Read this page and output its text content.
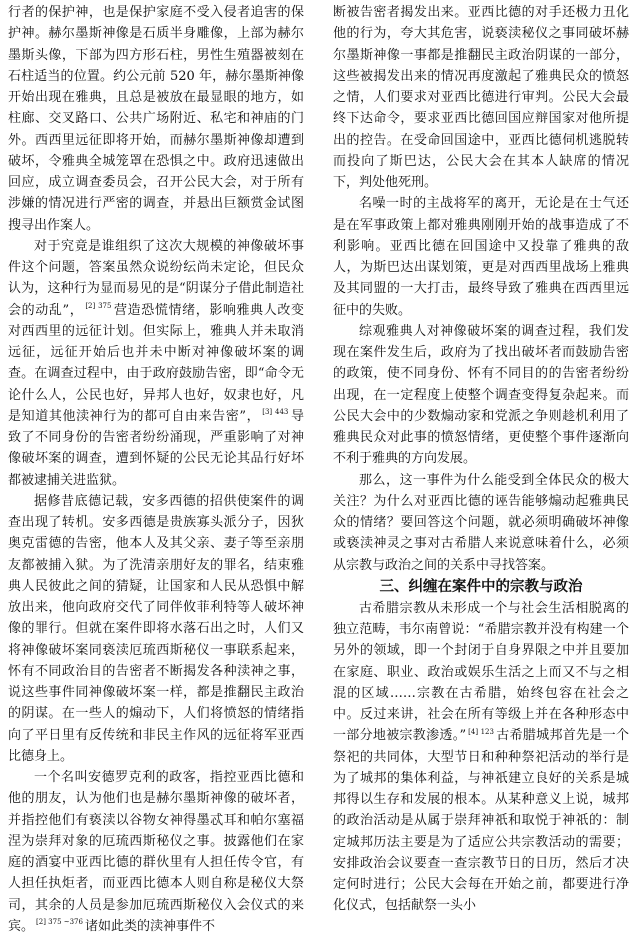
行者的保护神，也是保护家庭不受入侵者追害的保护神。赫尔墨斯神像是石质半身雕像，上部为赫尔墨斯头像，下部为四方形石柱，男性生殖器被刻在石柱适当的位置。约公元前 520 年，赫尔墨斯神像开始出现在雅典，且总是被放在最显眼的地方，如柱廊、交叉路口、公共广场附近、私宅和神庙的门外。西西里远征即将开始，而赫尔墨斯神像却遭到破坏，令雅典全城笼罩在恐惧之中。政府迅速做出回应，成立调查委员会，召开公民大会，对于所有涉嫌的情况进行严密的调查，并悬出巨额赏金试图搜寻出作案人。

对于究竟是谁组织了这次大规模的神像破坏事件这个问题，答案虽然众说纷纭尚未定论，但民众认为，这种行为显而易见的是“阴谋分子借此制造社会的动乱”， $^{[2] 375}$ 营造恐慌情绪，影响雅典人改变对西西里的远征计划。但实际上，雅典人并未取消远征，远征开始后也并未中断对神像破坏案的调查。在调查过程中，由于政府鼓励告密，即“命令无论什么人，公民也好，异邦人也好，奴隶也好，凡是知道其他渎神行为的都可自由来告密”， $^{[3] 443}$ 导致了不同身份的告密者纷纷涌现，严重影响了对神像破坏案的调查，遭到怀疑的公民无论其品行好坏都被逮捕关进监狱。

据修昔底德记载，安多西德的招供使案件的调查出现了转机。安多西德是贵族寡头派分子，因狄奥克雷德的告密，他本人及其父亲、妻子等至亲朋友都被捕入狱。为了洗清亲朋好友的罪名，结束雅典人民彼此之间的猜疑，让国家和人民从恐惧中解放出来，他向政府交代了同伴攸菲利特等人破坏神像的罪行。但就在案件即将水落石出之时，人们又将神像破坏案同亵渎厄琉西斯秘仪一事联系起来，怀有不同政治目的告密者不断揭发各种渎神之事，说这些事件同神像破坏案一样，都是推翻民主政治的阴谋。在一些人的煽动下，人们将愤怒的情绪指向了平日里有反传统和非民主作风的远征将军亚西比德身上。

一个名叫安德罗克利的政客，指控亚西比德和他的朋友，认为他们也是赫尔墨斯神像的破坏者，并指控他们有亵渎以谷物女神得墨忒耳和帕尔塞福涅为崇拜对象的厄琉西斯秘仪之事。披露他们在家庭的酒宴中亚西比德的群伙里有人担任传令官，有人担任执炬者，而亚西比德本人则自称是秘仪大祭司，其余的人员是参加厄琉西斯秘仪入会仪式的来宾。 $^{[2] 375 \sim 376}$ 诸如此类的渎神事件不

断被告密者揭发出来。亚西比德的对手还极力丑化他的行为，夸大其危害，说亵渎秘仪之事同破坏赫尔墨斯神像一事都是推翻民主政治阴谋的一部分，这些被揭发出来的情况再度激起了雅典民众的愤怒之情，人们要求对亚西比德进行审判。公民大会最终下达命令，要求亚西比德回国应辩国家对他所提出的控告。在受命回国途中，亚西比德伺机逃脱转而投向了斯巴达，公民大会在其本人缺席的情况下，判处他死刑。

名噪一时的主战将军的离开，无论是在士气还是在军事政策上都对雅典刚刚开始的战事造成了不利影响。亚西比德在回国途中又投靠了雅典的敌人，为斯巴达出谋划策，更是对西西里战场上雅典及其同盟的一大打击，最终导致了雅典在西西里远征中的失败。

综观雅典人对神像破坏案的调查过程，我们发现在案件发生后，政府为了找出破坏者而鼓励告密的政策，使不同身份、怀有不同目的的告密者纷纷出现，在一定程度上使整个调查变得复杂起来。而公民大会中的少数煽动家和党派之争则趁机利用了雅典民众对此事的愤怒情绪，更使整个事件逐渐向不利于雅典的方向发展。

那么，这一事件为什么能受到全体民众的极大关注？为什么对亚西比德的诬告能够煽动起雅典民众的情绪？要回答这个问题，就必须明确破坏神像或亵渎神灵之事对古希腊人来说意味着什么，必须从宗教与政治之间的关系中寻找答案。

三、纠缠在案件中的宗教与政治

古希腊宗教从未形成一个与社会生活相脱离的独立范畴，韦尔南曾说：“希腊宗教并没有构建一个另外的领域，即一个封闭于自身界限之中并且要加在家庭、职业、政治或娱乐生活之上而又不与之相混的区域……宗教在古希腊，始终包容在社会之中。反过来讲，社会在所有等级上并在各种形态中一部分地被宗教渗透。” $^{[4] 123}$ 古希腊城邦首先是一个祭祀的共同体，大型节日和种种祭祀活动的举行是为了城邦的集体利益，与神祇建立良好的关系是城邦得以生存和发展的根本。从某种意义上说，城邦的政治活动是从属于崇拜神祇和取悦于神祇的：制定城邦历法主要是为了适应公共宗教活动的需要；安排政治会议要查一查宗教节日的日历，然后才决定何时进行；公民大会每在开始之前，都要进行净化仪式，包括献祭一头小
